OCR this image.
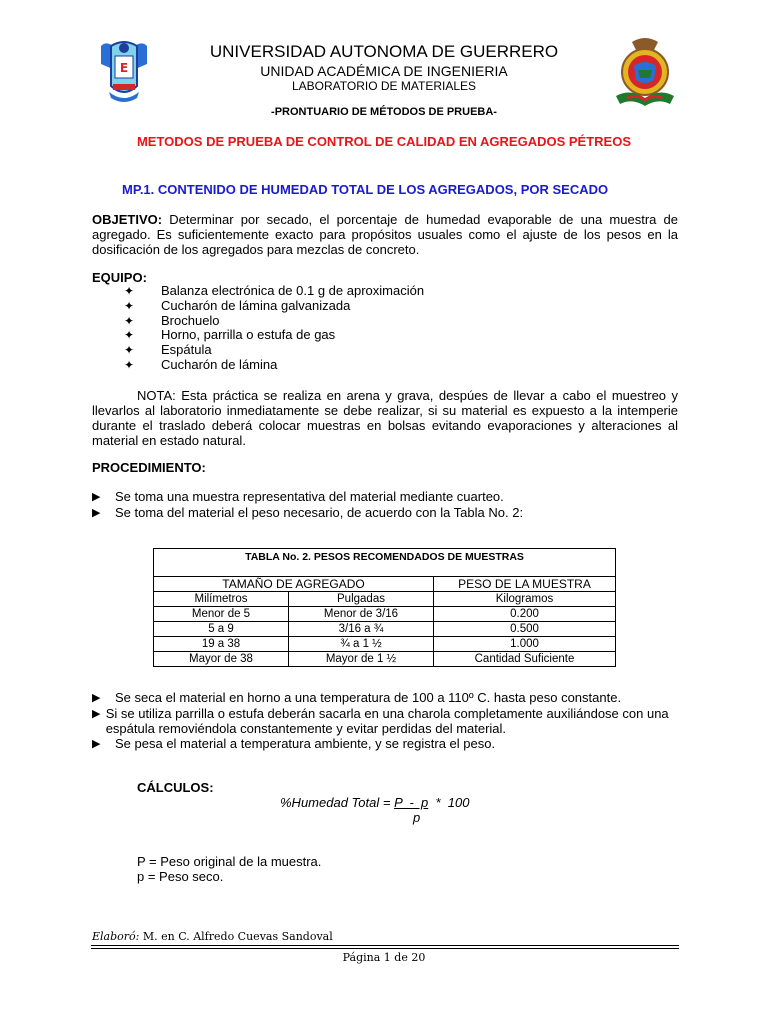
E
UNIVERSIDAD AUTONOMA DE GUERRERO
UNIDAD ACADÉMICA DE INGENIERIA
LABORATORIO DE MATERIALES
-PRONTUARIO DE MÉTODOS DE PRUEBA-
METODOS DE PRUEBA DE CONTROL DE CALIDAD EN AGREGADOS PÉTREOS
MP.1. CONTENIDO DE HUMEDAD TOTAL DE LOS AGREGADOS, POR SECADO

OBJETIVO: Determinar por secado, el porcentaje de humedad evaporable de una muestra de agregado. Es suficientemente exacto para propósitos usuales como el ajuste de los pesos en la dosificación de los agregados para mezclas de concreto.

EQUIPO:
✦	Balanza electrónica de 0.1 g de aproximación
✦	Cucharón de lámina galvanizada
✦	Brochuelo
✦	Horno, parrilla o estufa de gas
✦	Espátula
✦	Cucharón de lámina

NOTA: Esta práctica se realiza en arena y grava, despúes de llevar a cabo el muestreo y llevarlos al laboratorio inmediatamente se debe realizar, si su material es expuesto a la intemperie durante el traslado deberá colocar muestras en bolsas evitando evaporaciones y alteraciones al material en estado natural.

PROCEDIMIENTO:
▶	Se toma una muestra representativa del material mediante cuarteo.
▶	Se toma del material el peso necesario, de acuerdo con la Tabla No. 2:
TABLA No. 2. PESOS RECOMENDADOS DE MUESTRAS		
TAMAÑO DE AGREGADO		PESO DE LA MUESTRA
Milímetros	Pulgadas	Kilogramos
Menor de 5	Menor de 3/16	0.200
5 a 9	3/16 a ¾	0.500
19 a 38	¾ a 1 ½	1.000
Mayor de 38	Mayor de 1 ½	Cantidad Suficiente
▶	Se seca el material en horno a una temperatura de 100 a 110º C. hasta peso constante.
▶ Si se utiliza parrilla o estufa deberán sacarla en una charola completamente auxiliándose con una espátula removiéndola constantemente y evitar perdidas del material.
▶	Se pesa el material a temperatura ambiente, y se registra el peso.
CÁLCULOS:
%Humedad Total = P  -  p  *  100
p
P = Peso original de la muestra.
p = Peso seco.
Elaboró: M. en C. Alfredo Cuevas Sandoval
Página 1 de 20
